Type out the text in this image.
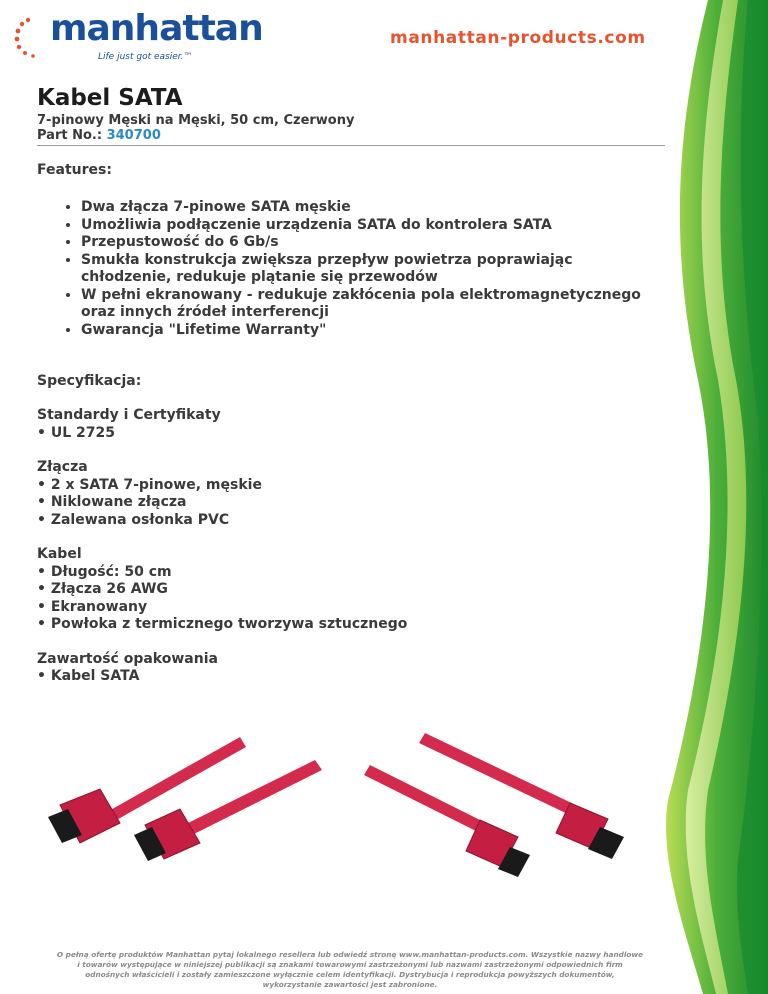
manhattan
Life just got easier.™
manhattan-products.com
Kabel SATA
7-pinowy Męski na Męski, 50 cm, Czerwony
Part No.: 340700
Features:
• Dwa złącza 7-pinowe SATA męskie
• Umożliwia podłączenie urządzenia SATA do kontrolera SATA
• Przepustowość do 6 Gb/s
• Smukła konstrukcja zwiększa przepływ powietrza poprawiając chłodzenie, redukuje plątanie się przewodów
• W pełni ekranowany - redukuje zakłócenia pola elektromagnetycznego oraz innych źródeł interferencji
• Gwarancja "Lifetime Warranty"
Specyfikacja:
Standardy i Certyfikaty
• UL 2725
Złącza
• 2 x SATA 7-pinowe, męskie
• Niklowane złącza
• Zalewana osłonka PVC
Kabel
• Długość: 50 cm
• Złącza 26 AWG
• Ekranowany
• Powłoka z termicznego tworzywa sztucznego
Zawartość opakowania
• Kabel SATA
O pełną ofertę produktów Manhattan pytaj lokalnego resellera lub odwiedź stronę www.manhattan-products.com. Wszystkie nazwy handlowe
i towarów występujące w niniejszej publikacji są znakami towarowymi zastrzeżonymi lub nazwami zastrzeżonymi odpowiednich firm
odnośnych właścicieli i zostały zamieszczone wyłącznie celem identyfikacji. Dystrybucja i reprodukcja powyższych dokumentów,
wykorzystanie zawartości jest zabronione.
